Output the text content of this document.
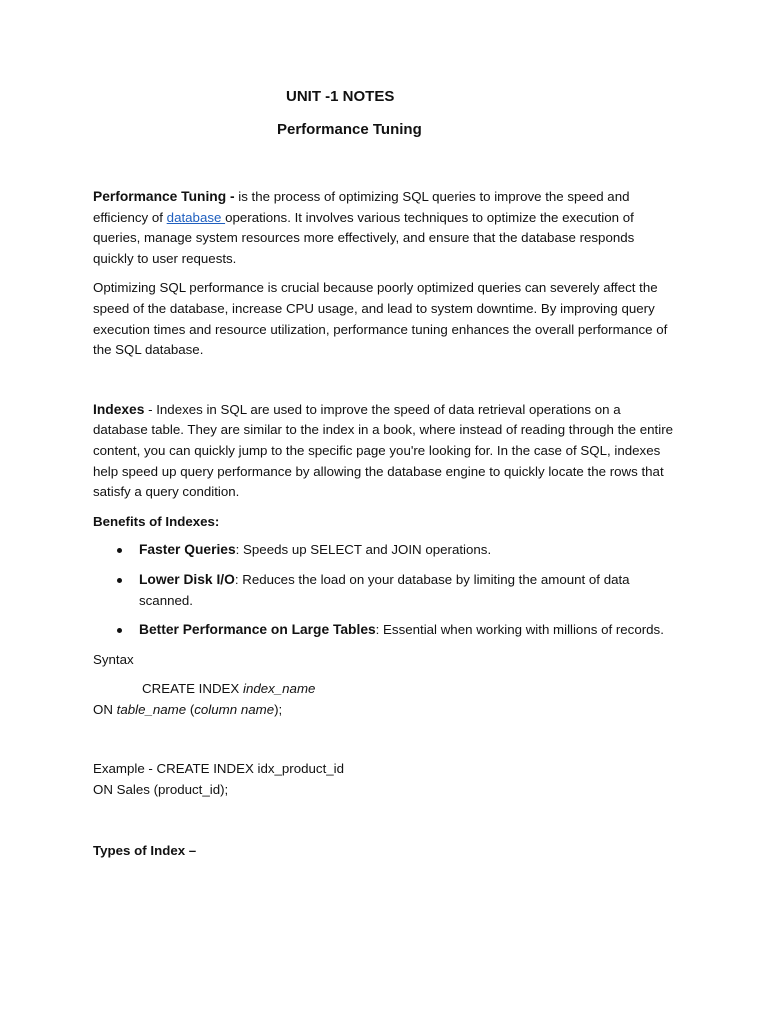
UNIT -1 NOTES
Performance Tuning

Performance Tuning - is the process of optimizing SQL queries to improve the speed and efficiency of database operations. It involves various techniques to optimize the execution of queries, manage system resources more effectively, and ensure that the database responds quickly to user requests.

Optimizing SQL performance is crucial because poorly optimized queries can severely affect the speed of the database, increase CPU usage, and lead to system downtime. By improving query execution times and resource utilization, performance tuning enhances the overall performance of the SQL database.

Indexes - Indexes in SQL are used to improve the speed of data retrieval operations on a database table. They are similar to the index in a book, where instead of reading through the entire content, you can quickly jump to the specific page you're looking for. In the case of SQL, indexes help speed up query performance by allowing the database engine to quickly locate the rows that satisfy a query condition.

Benefits of Indexes:

Faster Queries: Speeds up SELECT and JOIN operations.
Lower Disk I/O: Reduces the load on your database by limiting the amount of data scanned.
Better Performance on Large Tables: Essential when working with millions of records.

Syntax

CREATE INDEX index_name
ON table_name (column name);
Example - CREATE INDEX idx_product_id
ON Sales (product_id);

Types of Index –
